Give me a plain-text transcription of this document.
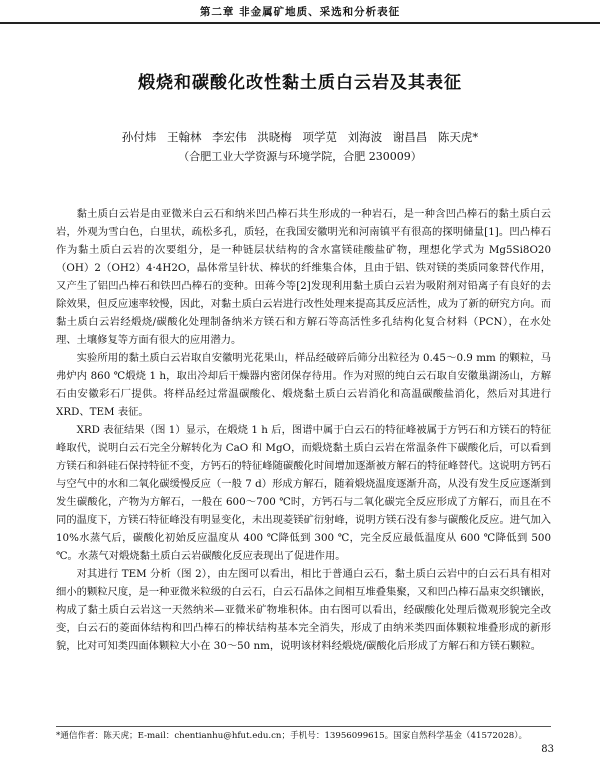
第二章 非金属矿地质、采选和分析表征
煅烧和碳酸化改性黏土质白云岩及其表征
孙付炜 王翰林 李宏伟 洪晓梅 项学苋 刘海波 谢昌昌 陈天虎*
（合肥工业大学资源与环境学院，合肥 230009）

黏土质白云岩是由亚微米白云石和纳米凹凸棒石共生形成的一种岩石，是一种含凹凸棒石的黏土质白云岩，外观为雪白色，白里状，疏松多孔，质轻，在我国安徽明光和河南镇平有很高的探明储量[1]。凹凸棒石作为黏土质白云岩的次要组分，是一种链层状结构的含水富镁硅酸盐矿物，理想化学式为 Mg5Si8O20（OH）2（OH2）4·4H2O，晶体常呈针状、棒状的纤维集合体，且由于铝、铁对镁的类质同象替代作用，又产生了铝凹凸棒石和铁凹凸棒石的变种。田蒋今等[2]发现利用黏土质白云岩为吸附剂对铅离子有良好的去除效果，但反应速率较慢，因此，对黏土质白云岩进行改性处理来提高其反应活性，成为了新的研究方向。而黏土质白云岩经煅烧/碳酸化处理制备纳米方镁石和方解石等高活性多孔结构化复合材料（PCN），在水处理、土壤修复等方面有很大的应用潜力。

实验所用的黏土质白云岩取自安徽明光花果山，样品经破碎后筛分出粒径为 0.45～0.9 mm 的颗粒，马弗炉内 860 ℃煅烧 1 h，取出冷却后干燥器内密闭保存待用。作为对照的纯白云石取自安徽巢湖汤山，方解石由安徽彩石厂提供。将样品经过常温碳酸化、煅烧黏土质白云岩消化和高温碳酸盐消化，然后对其进行 XRD、TEM 表征。

XRD 表征结果（图 1）显示，在煅烧 1 h 后，图谱中属于白云石的特征峰被属于方钙石和方镁石的特征峰取代，说明白云石完全分解转化为 CaO 和 MgO，而煅烧黏土质白云岩在常温条件下碳酸化后，可以看到方镁石和斜硅石保持特征不变，方钙石的特征峰随碳酸化时间增加逐渐被方解石的特征峰替代。这说明方钙石与空气中的水和二氧化碳缓慢反应（一般 7 d）形成方解石，随着煅烧温度逐渐升高，从没有发生反应逐渐到发生碳酸化，产物为方解石，一般在 600～700 ℃时，方钙石与二氧化碳完全反应形成了方解石，而且在不同的温度下，方镁石特征峰没有明显变化，未出现菱镁矿衍射峰，说明方镁石没有参与碳酸化反应。进气加入 10%水蒸气后，碳酸化初始反应温度从 400 ℃降低到 300 ℃，完全反应最低温度从 600 ℃降低到 500 ℃。水蒸气对煅烧黏土质白云岩碳酸化反应表现出了促进作用。

对其进行 TEM 分析（图 2），由左图可以看出，相比于普通白云石，黏土质白云岩中的白云石具有相对细小的颗粒尺度，是一种亚微米粒级的白云石，白云石晶体之间相互堆叠集聚，又和凹凸棒石晶束交织镶嵌，构成了黏土质白云岩这一天然纳米—亚微米矿物堆积体。由右图可以看出，经碳酸化处理后微观形貌完全改变，白云石的菱面体结构和凹凸棒石的棒状结构基本完全消失，形成了由纳米类四面体颗粒堆叠形成的新形貌，比对可知类四面体颗粒大小在 30～50 nm，说明该材料经煅烧/碳酸化后形成了方解石和方镁石颗粒。

*通信作者：陈天虎；E-mail：chentianhu@hfut.edu.cn；手机号：13956099615。国家自然科学基金（41572028）。
83
